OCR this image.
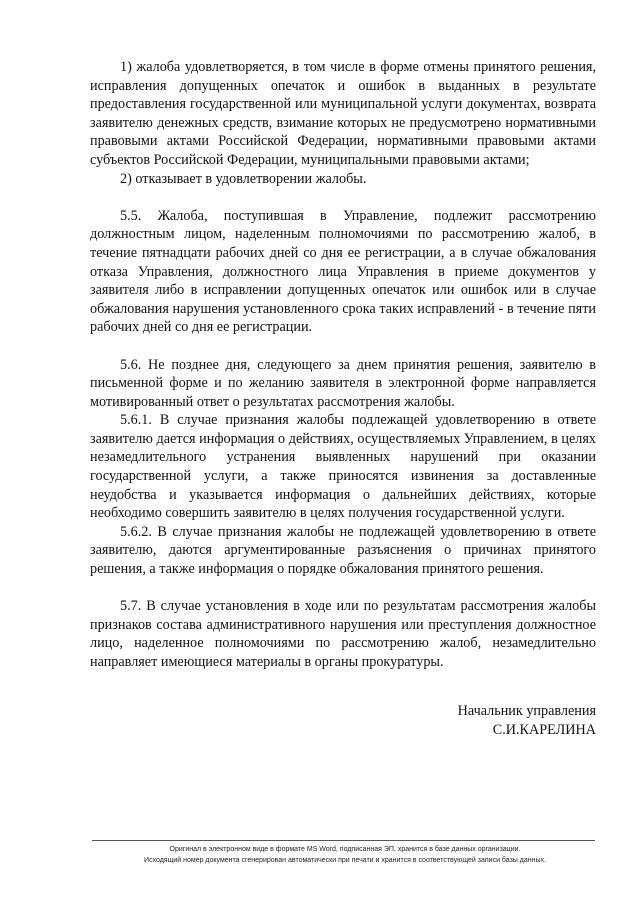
1) жалоба удовлетворяется, в том числе в форме отмены принятого решения, исправления допущенных опечаток и ошибок в выданных в результате предоставления государственной или муниципальной услуги документах, возврата заявителю денежных средств, взимание которых не предусмотрено нормативными правовыми актами Российской Федерации, нормативными правовыми актами субъектов Российской Федерации, муниципальными правовыми актами;

2) отказывает в удовлетворении жалобы.

5.5. Жалоба, поступившая в Управление, подлежит рассмотрению должностным лицом, наделенным полномочиями по рассмотрению жалоб, в течение пятнадцати рабочих дней со дня ее регистрации, а в случае обжалования отказа Управления, должностного лица Управления в приеме документов у заявителя либо в исправлении допущенных опечаток или ошибок или в случае обжалования нарушения установленного срока таких исправлений - в течение пяти рабочих дней со дня ее регистрации.

5.6. Не позднее дня, следующего за днем принятия решения, заявителю в письменной форме и по желанию заявителя в электронной форме направляется мотивированный ответ о результатах рассмотрения жалобы.

5.6.1. В случае признания жалобы подлежащей удовлетворению в ответе заявителю дается информация о действиях, осуществляемых Управлением, в целях незамедлительного устранения выявленных нарушений при оказании государственной услуги, а также приносятся извинения за доставленные неудобства и указывается информация о дальнейших действиях, которые необходимо совершить заявителю в целях получения государственной услуги.

5.6.2. В случае признания жалобы не подлежащей удовлетворению в ответе заявителю, даются аргументированные разъяснения о причинах принятого решения, а также информация о порядке обжалования принятого решения.

5.7. В случае установления в ходе или по результатам рассмотрения жалобы признаков состава административного нарушения или преступления должностное лицо, наделенное полномочиями по рассмотрению жалоб, незамедлительно направляет имеющиеся материалы в органы прокуратуры.

Начальник управления
С.И.КАРЕЛИНА
Оригинал в электронном виде в формате MS Word, подписанная ЭП, хранится в базе данных организации.
Исходящий номер документа сгенерирован автоматически при печати и хранится в соответствующей записи базы данных.
